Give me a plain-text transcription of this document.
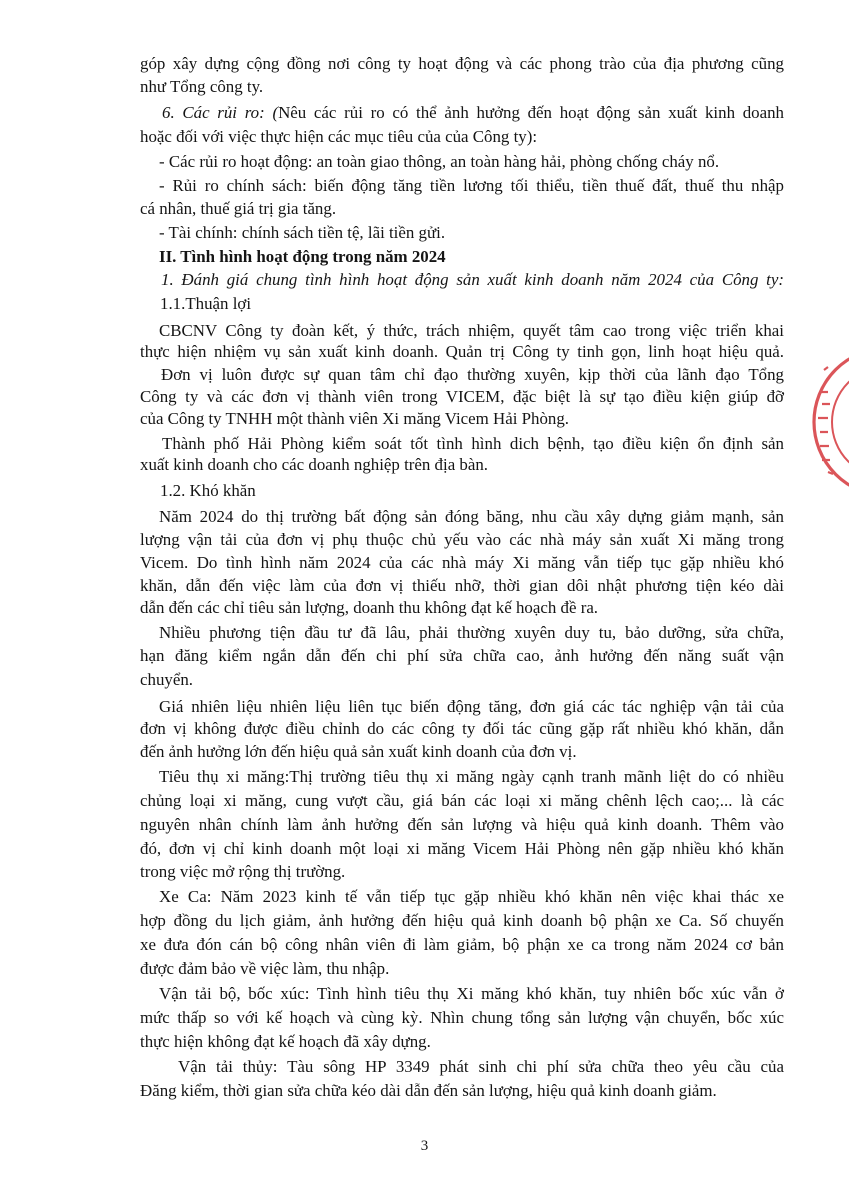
góp xây dựng cộng đồng nơi công ty hoạt động và các phong trào của địa phương cũng

như Tổng công ty.

6. Các rủi ro: (Nêu các rủi ro có thể ảnh hưởng đến hoạt động sản xuất kinh doanh

hoặc đối với việc thực hiện các mục tiêu của của Công ty):

- Các rủi ro hoạt động: an toàn giao thông, an toàn hàng hải, phòng chống cháy nổ.

- Rủi ro chính sách: biến động tăng tiền lương tối thiểu, tiền thuế đất, thuế thu nhập

cá nhân, thuế giá trị gia tăng.

- Tài chính: chính sách tiền tệ, lãi tiền gửi.

II. Tình hình hoạt động trong năm 2024

1. Đánh giá chung tình hình hoạt động sản xuất kinh doanh năm 2024 của Công ty:

1.1.Thuận lợi

CBCNV Công ty đoàn kết, ý thức, trách nhiệm, quyết tâm cao trong việc triển khai

thực hiện nhiệm vụ sản xuất kinh doanh. Quản trị Công ty tinh gọn, linh hoạt hiệu quả.

Đơn vị luôn được sự quan tâm chỉ đạo thường xuyên, kịp thời của lãnh đạo Tổng

Công ty và các đơn vị thành viên trong VICEM, đặc biệt là sự tạo điều kiện giúp đỡ

của Công ty TNHH một thành viên Xi măng Vicem Hải Phòng.

Thành phố Hải Phòng kiểm soát tốt tình hình dich bệnh, tạo điều kiện ổn định sản

xuất kinh doanh cho các doanh nghiệp trên địa bàn.

1.2. Khó khăn

Năm 2024 do thị trường bất động sản đóng băng, nhu cầu xây dựng giảm mạnh, sản

lượng vận tải của đơn vị phụ thuộc chủ yếu vào các nhà máy sản xuất Xi măng trong

Vicem. Do tình hình năm 2024 của các nhà máy Xi măng vẫn tiếp tục gặp nhiều khó

khăn, dẫn đến việc làm của đơn vị thiếu nhỡ, thời gian dôi nhật phương tiện kéo dài

dẫn đến các chỉ tiêu sản lượng, doanh thu không đạt kế hoạch đề ra.

Nhiều phương tiện đầu tư đã lâu, phải thường xuyên duy tu, bảo dưỡng, sửa chữa,

hạn đăng kiểm ngắn dẫn đến chi phí sửa chữa cao, ảnh hưởng đến năng suất vận

chuyển.

Giá nhiên liệu nhiên liệu liên tục biến động tăng, đơn giá các tác nghiệp vận tải của

đơn vị không được điều chỉnh do các công ty đối tác cũng gặp rất nhiều khó khăn, dẫn

đến ảnh hưởng lớn đến hiệu quả sản xuất kinh doanh của đơn vị.

Tiêu thụ xi măng:Thị trường tiêu thụ xi măng ngày cạnh tranh mãnh liệt do có nhiều

chủng loại xi măng, cung vượt cầu, giá bán các loại xi măng chênh lệch cao;... là các

nguyên nhân chính làm ảnh hưởng đến sản lượng và hiệu quả kinh doanh. Thêm vào

đó, đơn vị chỉ kinh doanh một loại xi măng Vicem Hải Phòng nên gặp nhiều khó khăn

trong việc mở rộng thị trường.

Xe Ca: Năm 2023 kinh tế vẫn tiếp tục gặp nhiều khó khăn nên việc khai thác xe

hợp đồng du lịch giảm, ảnh hưởng đến hiệu quả kinh doanh bộ phận xe Ca. Số chuyến

xe đưa đón cán bộ công nhân viên đi làm giảm, bộ phận xe ca trong năm 2024 cơ bản

được đảm bảo về việc làm, thu nhập.

Vận tải bộ, bốc xúc: Tình hình tiêu thụ Xi măng khó khăn, tuy nhiên bốc xúc vẫn ở

mức thấp so với kế hoạch và cùng kỳ. Nhìn chung tổng sản lượng vận chuyển, bốc xúc

thực hiện không đạt kế hoạch đã xây dựng.

Vận tải thủy: Tàu sông HP 3349 phát sinh chi phí sửa chữa theo yêu cầu của

Đăng kiểm, thời gian sửa chữa kéo dài dẫn đến sản lượng, hiệu quả kinh doanh giảm.

3
